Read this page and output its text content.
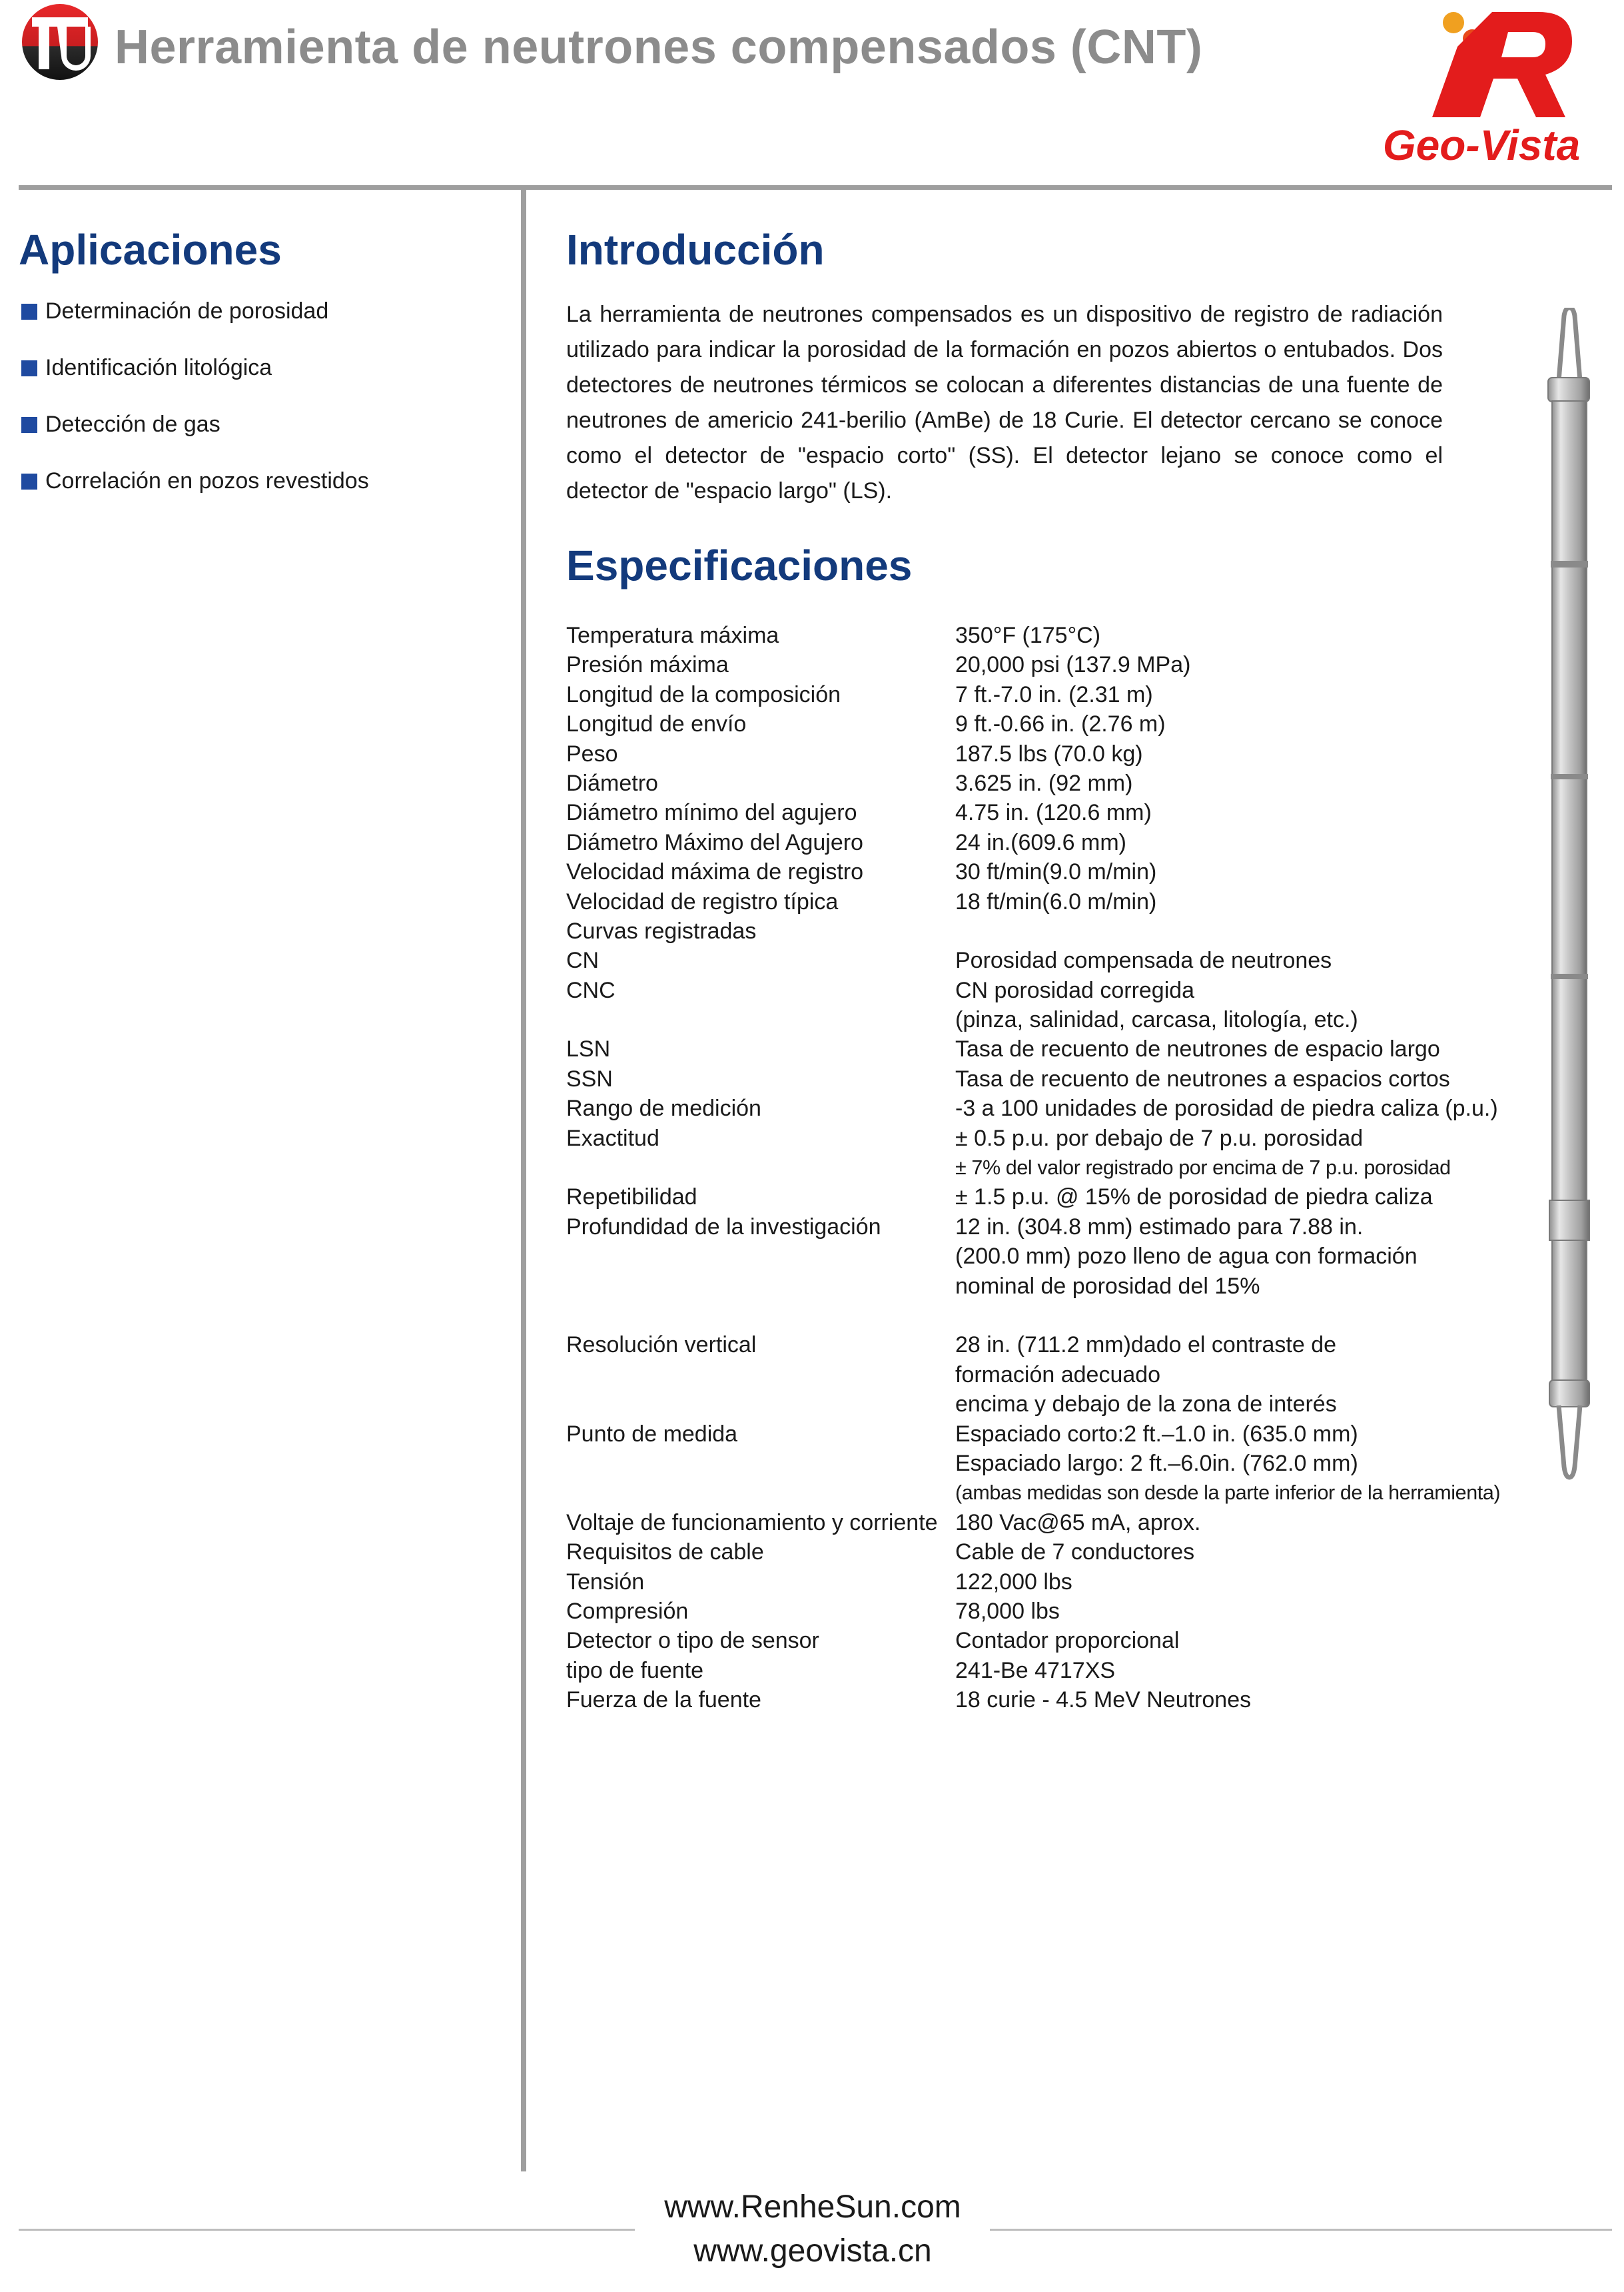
Herramienta de neutrones compensados (CNT)
Geo-Vista
Aplicaciones
Determinación de porosidad
Identificación litológica
Detección de gas
Correlación en pozos revestidos
Introducción
La herramienta de neutrones compensados es un dispositivo de registro de radiación utilizado para indicar la porosidad de la formación en pozos abiertos o entubados. Dos detectores de neutrones térmicos se colocan a diferentes distancias de una fuente de neutrones de americio 241-berilio (AmBe) de 18 Curie. El detector cercano se conoce como el detector de "espacio corto" (SS). El detector lejano se conoce como el detector de "espacio largo" (LS).
Especificaciones
Temperatura máxima	350°F (175°C)
Presión máxima	20,000 psi (137.9 MPa)
Longitud de la composición	7 ft.-7.0 in. (2.31 m)
Longitud de envío	9 ft.-0.66 in. (2.76 m)
Peso	187.5 lbs (70.0 kg)
Diámetro	3.625 in. (92 mm)
Diámetro mínimo del agujero	4.75 in. (120.6 mm)
Diámetro Máximo del Agujero	24 in.(609.6 mm)
Velocidad máxima de registro	30 ft/min(9.0 m/min)
Velocidad de registro típica	18 ft/min(6.0 m/min)
Curvas registradas
CN	Porosidad compensada de neutrones
CNC	CN porosidad corregida
(pinza, salinidad, carcasa, litología, etc.)
LSN	Tasa de recuento de neutrones de espacio largo
SSN	Tasa de recuento de neutrones a espacios cortos
Rango de medición	-3 a 100 unidades de porosidad de piedra caliza (p.u.)
Exactitud	± 0.5 p.u. por debajo de 7 p.u. porosidad
± 7% del valor registrado por encima de 7 p.u. porosidad
Repetibilidad	± 1.5 p.u. @ 15% de porosidad de piedra caliza
Profundidad de la investigación	12 in. (304.8 mm) estimado para 7.88 in.
(200.0 mm) pozo lleno de agua con formación
nominal de porosidad del 15%
Resolución vertical	28 in. (711.2 mm)dado el contraste de
formación adecuado
encima y debajo de la zona de interés
Punto de medida	Espaciado corto:2 ft.–1.0 in. (635.0 mm)
Espaciado largo: 2 ft.–6.0in. (762.0 mm)
(ambas medidas son desde la parte inferior de la herramienta)
Voltaje de funcionamiento y corriente 180 Vac@65 mA, aprox.
Requisitos de cable	Cable de 7 conductores
Tensión	122,000 lbs
Compresión	78,000 lbs
Detector o tipo de sensor	Contador proporcional
tipo de fuente	241-Be 4717XS
Fuerza de la fuente	18 curie - 4.5 MeV Neutrones
www.RenheSun.com
www.geovista.cn
